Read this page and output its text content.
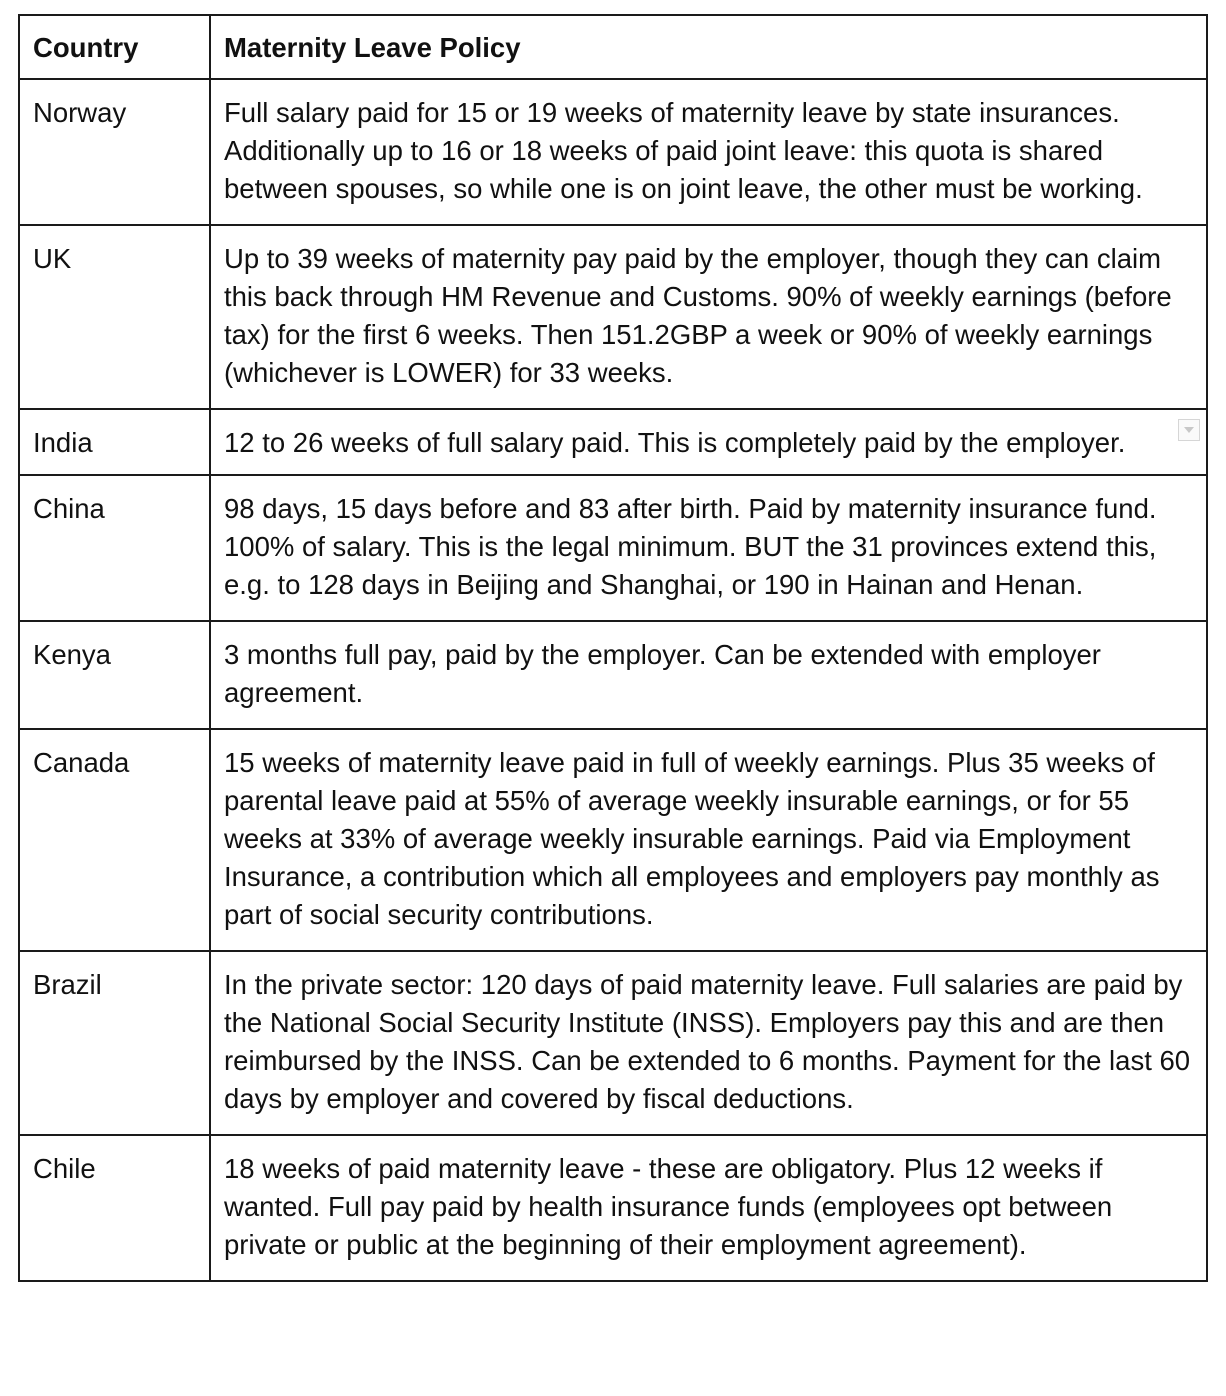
Country	Maternity Leave Policy
Norway	Full salary paid for 15 or 19 weeks of maternity leave by state insurances. Additionally up to 16 or 18 weeks of paid joint leave: this quota is shared between spouses, so while one is on joint leave, the other must be working.
UK	Up to 39 weeks of maternity pay paid by the employer, though they can claim this back through HM Revenue and Customs. 90% of weekly earnings (before tax) for the first 6 weeks. Then 151.2GBP a week or 90% of weekly earnings (whichever is LOWER) for 33 weeks.
India	12 to 26 weeks of full salary paid. This is completely paid by the employer.

China	98 days, 15 days before and 83 after birth. Paid by maternity insurance fund. 100% of salary. This is the legal minimum. BUT the 31 provinces extend this, e.g. to 128 days in Beijing and Shanghai, or 190 in Hainan and Henan.
Kenya	3 months full pay, paid by the employer. Can be extended with employer agreement.
Canada	15 weeks of maternity leave paid in full of weekly earnings. Plus 35 weeks of parental leave paid at 55% of average weekly insurable earnings, or for 55 weeks at 33% of average weekly insurable earnings. Paid via Employment Insurance, a contribution which all employees and employers pay monthly as part of social security contributions.
Brazil	In the private sector: 120 days of paid maternity leave. Full salaries are paid by the National Social Security Institute (INSS). Employers pay this and are then reimbursed by the INSS. Can be extended to 6 months. Payment for the last 60 days by employer and covered by fiscal deductions.
Chile	18 weeks of paid maternity leave - these are obligatory. Plus 12 weeks if wanted. Full pay paid by health insurance funds (employees opt between private or public at the beginning of their employment agreement).
